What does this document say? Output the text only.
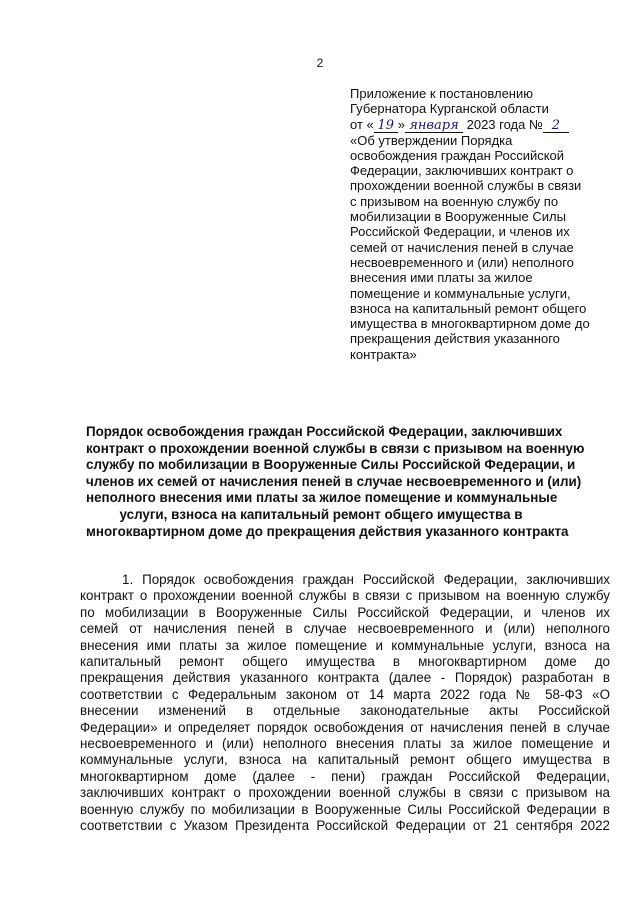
2
Приложение к постановлению
Губернатора Курганской области
от « 19 » января 2023 года № 2
«Об утверждении Порядка
освобождения граждан Российской
Федерации, заключивших контракт о
прохождении военной службы в связи
с призывом на военную службу по
мобилизации в Вооруженные Силы
Российской Федерации, и членов их
семей от начисления пеней в случае
несвоевременного и (или) неполного
внесения ими платы за жилое
помещение и коммунальные услуги,
взноса на капитальный ремонт общего
имущества в многоквартирном доме до
прекращения действия указанного
контракта»
Порядок освобождения граждан Российской Федерации, заключивших
контракт о прохождении военной службы в связи с призывом на военную
службу по мобилизации в Вооруженные Силы Российской Федерации, и
членов их семей от начисления пеней в случае несвоевременного и (или)
неполного внесения ими платы за жилое помещение и коммунальные
услуги, взноса на капитальный ремонт общего имущества в
многоквартирном доме до прекращения действия указанного контракта
1. Порядок освобождения граждан Российской Федерации, заключивших
контракт о прохождении военной службы в связи с призывом на военную службу
по мобилизации в Вооруженные Силы Российской Федерации, и членов их
семей от начисления пеней в случае несвоевременного и (или) неполного
внесения ими платы за жилое помещение и коммунальные услуги, взноса на
капитальный ремонт общего имущества в многоквартирном доме до
прекращения действия указанного контракта (далее - Порядок) разработан в
соответствии с Федеральным законом от 14 марта 2022 года № 58-ФЗ «О
внесении изменений в отдельные законодательные акты Российской
Федерации» и определяет порядок освобождения от начисления пеней в случае
несвоевременного и (или) неполного внесения платы за жилое помещение и
коммунальные услуги, взноса на капитальный ремонт общего имущества в
многоквартирном доме (далее - пени) граждан Российской Федерации,
заключивших контракт о прохождении военной службы в связи с призывом на
военную службу по мобилизации в Вооруженные Силы Российской Федерации в
соответствии с Указом Президента Российской Федерации от 21 сентября 2022
